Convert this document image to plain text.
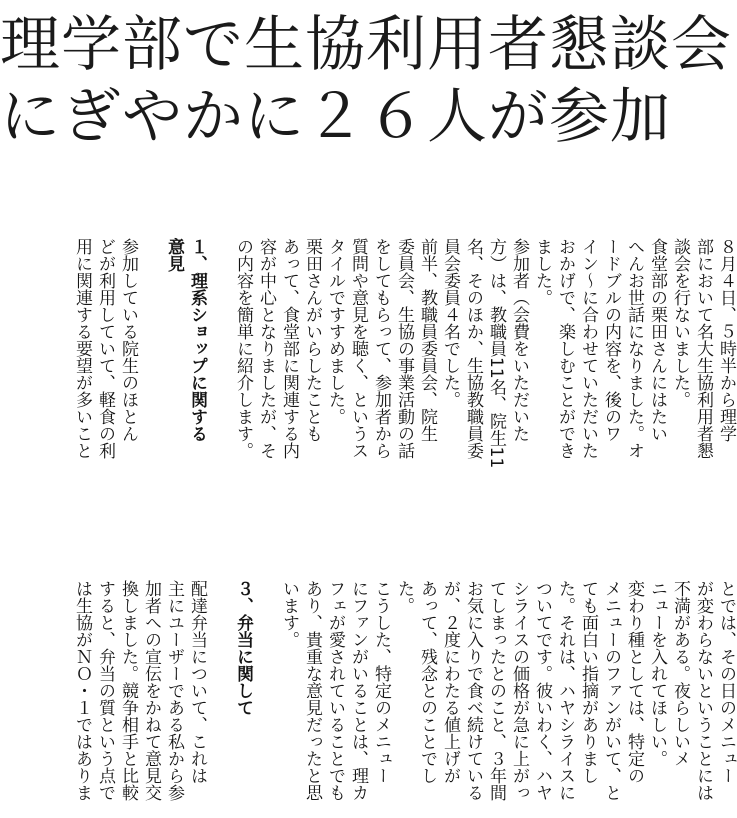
理学部で生協利用者懇談会
にぎやかに２６人が参加
８月４日、５時半から理学
部において名大生協利用者懇
談会を行ないました。
食堂部の栗田さんにはたい
へんお世話になりました。オ
ードブルの内容を、後のワ
イン～に合わせていただいた
おかげで、楽しむことができ
ました。
参加者（会費をいただいた
方）は、教職員11名、院生11
名、そのほか、生協教職員委
員会委員４名でした。
前半、教職員委員会、院生
委員会、生協の事業活動の話
をしてもらって、参加者から
質問や意見を聴く、というス
タイルですすめました。
栗田さんがいらしたことも
あって、食堂部に関連する内
容が中心となりましたが、そ
の内容を簡単に紹介します。
１、理系ショップに関する
意見
参加している院生のほとん
どが利用していて、軽食の利
用に関連する要望が多いこと
とでは、その日のメニュー
が変わらないということには
不満がある。夜らしいメ
ニューを入れてほしい。
変わり種としては、特定の
メニューのファンがいて、と
ても面白い指摘がありまし
た。それは、ハヤシライスに
ついてです。彼いわく、ハヤ
シライスの価格が急に上がっ
てしまったとのこと、３年間
お気に入りで食べ続けている
が、２度にわたる値上げが
あって、残念とのことでし
た。
こうした、特定のメニュー
にファンがいることは、理カ
フェが愛されていることでも
あり、貴重な意見だったと思
います。
３、弁当に関して
配達弁当について、これは
主にユーザーである私から参
加者への宣伝をかねて意見交
換しました。競争相手と比較
すると、弁当の質という点で
は生協がＮＯ・１ではありま
